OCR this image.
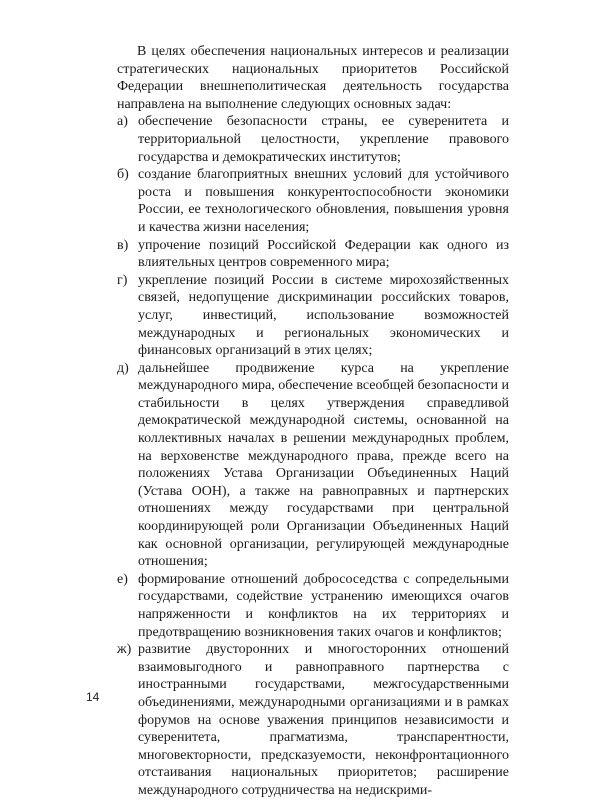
В целях обеспечения национальных интересов и реализации стратегических национальных приоритетов Российской Федерации внешнеполитическая деятельность государства направлена на выполнение следующих основных задач:

а) обеспечение безопасности страны, ее суверенитета и территориальной целостности, укрепление правового государства и демократических институтов;
б) создание благоприятных внешних условий для устойчивого роста и повышения конкурентоспособности экономики России, ее технологического обновления, повышения уровня и качества жизни населения;
в) упрочение позиций Российской Федерации как одного из влиятельных центров современного мира;
г) укрепление позиций России в системе мирохозяйственных связей, недопущение дискриминации российских товаров, услуг, инвестиций, использование возможностей международных и региональных экономических и финансовых организаций в этих целях;
д) дальнейшее продвижение курса на укрепление международного мира, обеспечение всеобщей безопасности и стабильности в целях утверждения справедливой демократической международной системы, основанной на коллективных началах в решении международных проблем, на верховенстве международного права, прежде всего на положениях Устава Организации Объединенных Наций (Устава ООН), а также на равноправных и партнерских отношениях между государствами при центральной координирующей роли Организации Объединенных Наций как основной организации, регулирующей международные отношения;
е) формирование отношений добрососедства с сопредельными государствами, содействие устранению имеющихся очагов напряженности и конфликтов на их территориях и предотвращению возникновения таких очагов и конфликтов;
ж) развитие двусторонних и многосторонних отношений взаимовыгодного и равноправного партнерства с иностранными государствами, межгосударственными объединениями, международными организациями и в рамках форумов на основе уважения принципов независимости и суверенитета, прагматизма, транспарентности, многовекторности, предсказуемости, неконфронтационного отстаивания национальных приоритетов; расширение международного сотрудничества на недискрими-
14
